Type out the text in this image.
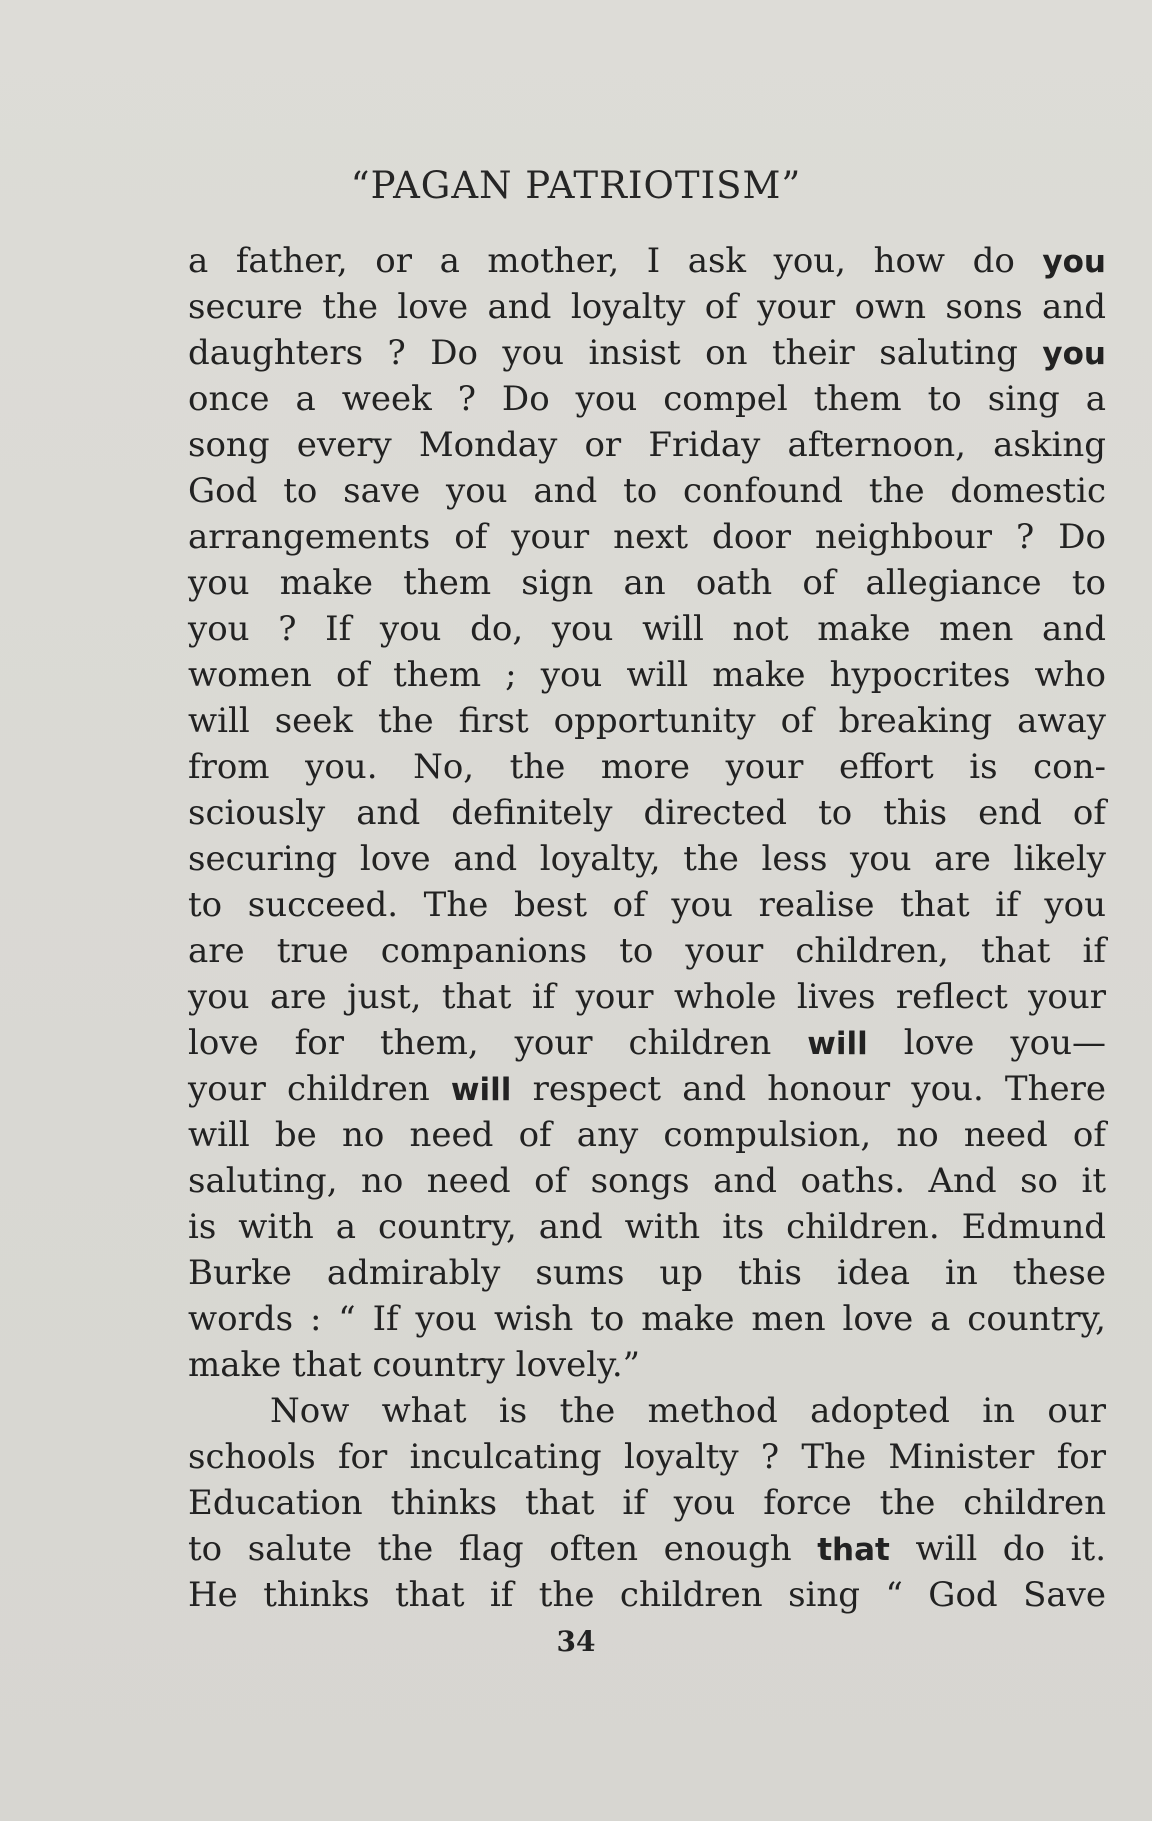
“PAGAN PATRIOTISM”
a father, or a mother, I ask you, how do you
secure the love and loyalty of your own sons and
daughters ? Do you insist on their saluting you
once a week ? Do you compel them to sing a
song every Monday or Friday afternoon, asking
God to save you and to confound the domestic
arrangements of your next door neighbour ? Do
you make them sign an oath of allegiance to
you ? If you do, you will not make men and
women of them ; you will make hypocrites who
will seek the first opportunity of breaking away
from you. No, the more your effort is con-
sciously and definitely directed to this end of
securing love and loyalty, the less you are likely
to succeed. The best of you realise that if you
are true companions to your children, that if
you are just, that if your whole lives reflect your
love for them, your children will love you—
your children will respect and honour you. There
will be no need of any compulsion, no need of
saluting, no need of songs and oaths. And so it
is with a country, and with its children. Edmund
Burke admirably sums up this idea in these
words : “ If you wish to make men love a country,
make that country lovely.”
Now what is the method adopted in our
schools for inculcating loyalty ? The Minister for
Education thinks that if you force the children
to salute the flag often enough that will do it.
He thinks that if the children sing “ God Save
34
